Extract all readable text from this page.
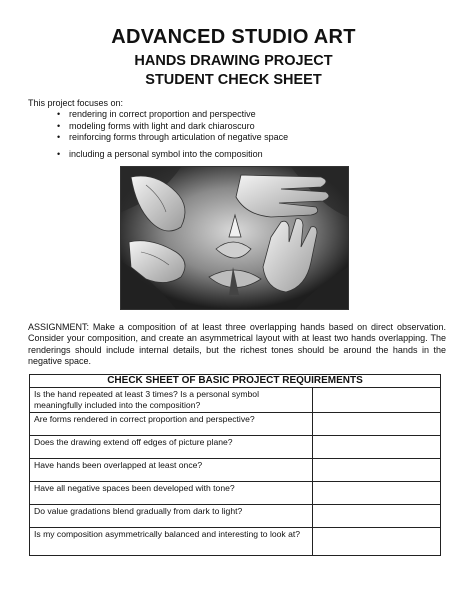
ADVANCED STUDIO ART
HANDS DRAWING PROJECT
STUDENT CHECK SHEET
This project focuses on:
• rendering in correct proportion and perspective
• modeling forms with light and dark chiaroscuro
• reinforcing forms through articulation of negative space
• including a personal symbol into the composition
ASSIGNMENT: Make a composition of at least three overlapping hands based on direct observation. Consider your composition, and create an asymmetrical layout with at least two hands overlapping. The renderings should include internal details, but the richest tones should be around the hands in the negative space.
CHECK SHEET OF BASIC PROJECT REQUIREMENTS	
Is the hand repeated at least 3 times? Is a personal symbol meaningfully included into the composition?	
Are forms rendered in correct proportion and perspective?	
Does the drawing extend off edges of picture plane?	
Have hands been overlapped at least once?	
Have all negative spaces been developed with tone?	
Do value gradations blend gradually from dark to light?	
Is my composition asymmetrically balanced and interesting to look at?	
